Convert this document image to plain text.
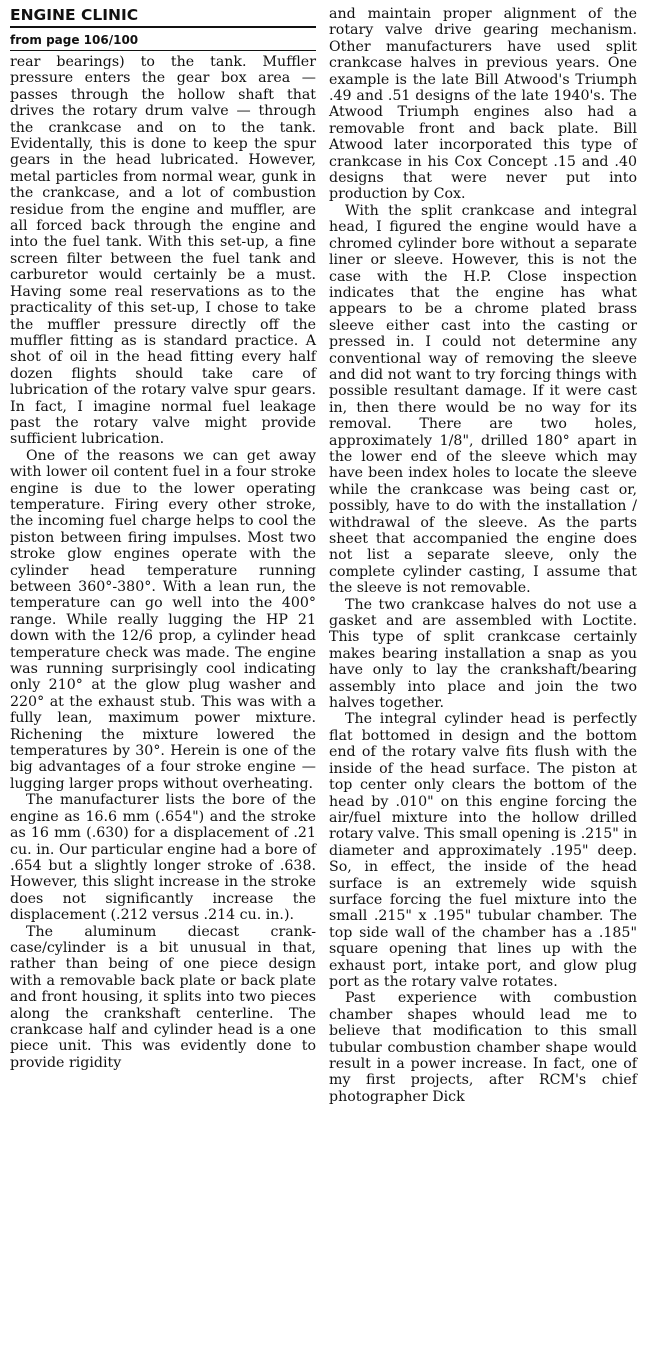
ENGINE CLINIC
from page 106/100

rear bearings) to the tank. Muffler pressure enters the gear box area — passes through the hollow shaft that drives the rotary drum valve — through the crankcase and on to the tank. Evidentally, this is done to keep the spur gears in the head lubricated. However, metal particles from normal wear, gunk in the crankcase, and a lot of combustion residue from the engine and muffler, are all forced back through the engine and into the fuel tank. With this set-up, a fine screen filter between the fuel tank and carburetor would certainly be a must. Having some real reservations as to the practicality of this set-up, I chose to take the muffler pressure directly off the muffler fitting as is standard practice. A shot of oil in the head fitting every half dozen flights should take care of lubrication of the rotary valve spur gears. In fact, I imagine normal fuel leakage past the rotary valve might provide sufficient lubrication.

One of the reasons we can get away with lower oil content fuel in a four stroke engine is due to the lower operating temperature. Firing every other stroke, the incoming fuel charge helps to cool the piston between firing impulses. Most two stroke glow engines operate with the cylinder head temperature running between 360°-380°. With a lean run, the temperature can go well into the 400° range. While really lugging the HP 21 down with the 12/6 prop, a cylinder head temperature check was made. The engine was running surprisingly cool indicating only 210° at the glow plug washer and 220° at the exhaust stub. This was with a fully lean, maximum power mixture. Richening the mixture lowered the temperatures by 30°. Herein is one of the big advantages of a four stroke engine — lugging larger props without overheating.

The manufacturer lists the bore of the engine as 16.6 mm (.654") and the stroke as 16 mm (.630) for a displacement of .21 cu. in. Our particular engine had a bore of .654 but a slightly longer stroke of .638. However, this slight increase in the stroke does not significantly increase the displacement (.212 versus .214 cu. in.).

The aluminum diecast crank-case/cylinder is a bit unusual in that, rather than being of one piece design with a removable back plate or back plate and front housing, it splits into two pieces along the crankshaft centerline. The crankcase half and cylinder head is a one piece unit. This was evidently done to provide rigidity

and maintain proper alignment of the rotary valve drive gearing mechanism. Other manufacturers have used split crankcase halves in previous years. One example is the late Bill Atwood's Triumph .49 and .51 designs of the late 1940's. The Atwood Triumph engines also had a removable front and back plate. Bill Atwood later incorporated this type of crankcase in his Cox Concept .15 and .40 designs that were never put into production by Cox.

With the split crankcase and integral head, I figured the engine would have a chromed cylinder bore without a separate liner or sleeve. However, this is not the case with the H.P. Close inspection indicates that the engine has what appears to be a chrome plated brass sleeve either cast into the casting or pressed in. I could not determine any conventional way of removing the sleeve and did not want to try forcing things with possible resultant damage. If it were cast in, then there would be no way for its removal. There are two holes, approximately 1/8", drilled 180° apart in the lower end of the sleeve which may have been index holes to locate the sleeve while the crankcase was being cast or, possibly, have to do with the installation / withdrawal of the sleeve. As the parts sheet that accompanied the engine does not list a separate sleeve, only the complete cylinder casting, I assume that the sleeve is not removable.

The two crankcase halves do not use a gasket and are assembled with Loctite. This type of split crankcase certainly makes bearing installation a snap as you have only to lay the crankshaft/bearing assembly into place and join the two halves together.

The integral cylinder head is perfectly flat bottomed in design and the bottom end of the rotary valve fits flush with the inside of the head surface. The piston at top center only clears the bottom of the head by .010" on this engine forcing the air/fuel mixture into the hollow drilled rotary valve. This small opening is .215" in diameter and approximately .195" deep. So, in effect, the inside of the head surface is an extremely wide squish surface forcing the fuel mixture into the small .215" x .195" tubular chamber. The top side wall of the chamber has a .185" square opening that lines up with the exhaust port, intake port, and glow plug port as the rotary valve rotates.

Past experience with combustion chamber shapes whould lead me to believe that modification to this small tubular combustion chamber shape would result in a power increase. In fact, one of my first projects, after RCM's chief photographer Dick
